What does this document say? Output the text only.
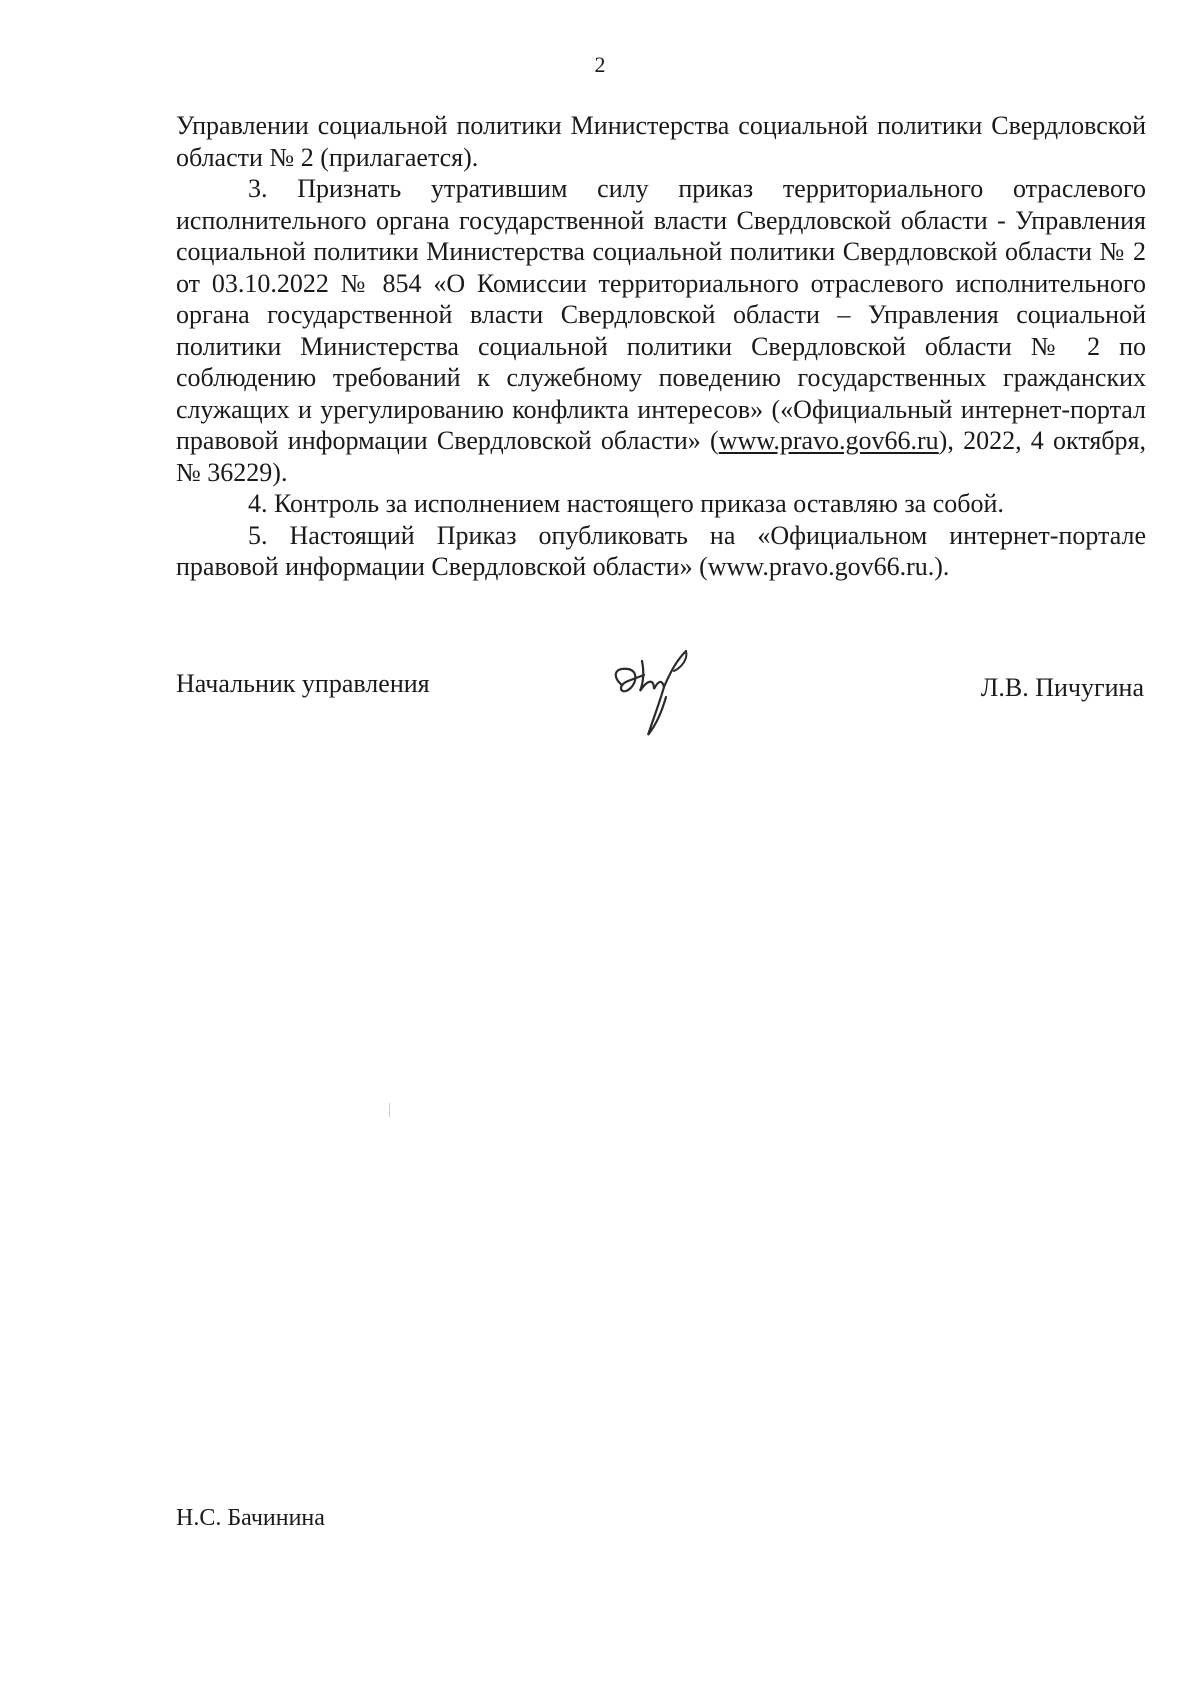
2

Управлении социальной политики Министерства социальной политики Свердловской области № 2 (прилагается).

3. Признать утратившим силу приказ территориального отраслевого исполнительного органа государственной власти Свердловской области - Управления социальной политики Министерства социальной политики Свердловской области № 2 от 03.10.2022 № 854 «О Комиссии территориального отраслевого исполнительного органа государственной власти Свердловской области – Управления социальной политики Министерства социальной политики Свердловской области № 2 по соблюдению требований к служебному поведению государственных гражданских служащих и урегулированию конфликта интересов» («Официальный интернет-портал правовой информации Свердловской области» (www.pravo.gov66.ru), 2022, 4 октября, № 36229).

4. Контроль за исполнением настоящего приказа оставляю за собой.

5. Настоящий Приказ опубликовать на «Официальном интернет-портале правовой информации Свердловской области» (www.pravo.gov66.ru.).

Начальник управления	Л.В. Пичугина
Н.С. Бачинина
